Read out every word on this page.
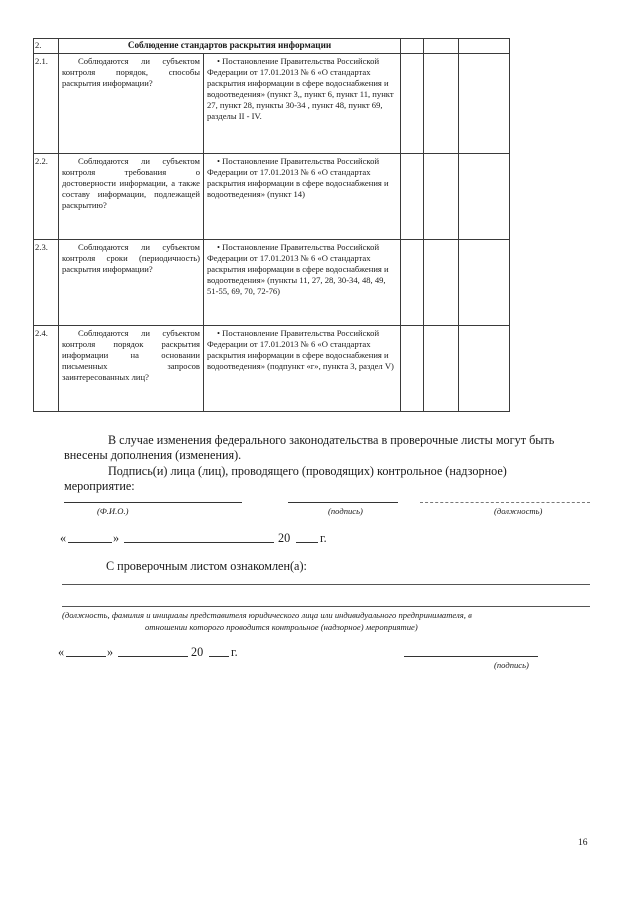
2.	Соблюдение стандартов раскрытия информации				
2.1.	Соблюдаются ли субъектом контроля порядок, способы раскрытия информации?	• Постановление Правительства Российской Федерации от 17.01.2013 № 6 «О стандартах раскрытия информации в сфере водоснабжения и водоотведения» (пункт 3,, пункт 6, пункт 11, пункт 27, пункт 28, пункты 30-34 , пункт 48, пункт 69, разделы II - IV.			
2.2.	Соблюдаются ли субъектом контроля требования о достоверности информации, а также составу информации, подлежащей раскрытию?	• Постановление Правительства Российской Федерации от 17.01.2013 № 6 «О стандартах раскрытия информации в сфере водоснабжения и водоотведения» (пункт 14)			
2.3.	Соблюдаются ли субъектом контроля сроки (периодичность) раскрытия информации?	• Постановление Правительства Российской Федерации от 17.01.2013 № 6 «О стандартах раскрытия информации в сфере водоснабжения и водоотведения» (пункты 11, 27, 28, 30-34, 48, 49, 51-55, 69, 70, 72-76)			
2.4.	Соблюдаются ли субъектом контроля порядок раскрытия информации на основании письменных запросов заинтересованных лиц?	• Постановление Правительства Российской Федерации от 17.01.2013 № 6 «О стандартах раскрытия информации в сфере водоснабжения и водоотведения» (подпункт «г», пункта 3, раздел V)			

В случае изменения федерального законодательства в проверочные листы могут быть

внесены дополнения (изменения).

Подпись(и) лица (лиц), проводящего (проводящих) контрольное (надзорное)

мероприятие:

(Ф.И.О.)	(подпись)	(должность)
«	»	20 г.

С проверочным листом ознакомлен(а):

(должность, фамилия и инициалы представителя юридического лица или индивидуального предпринимателя, в
отношении которого проводится контрольное (надзорное) мероприятие)
«	»	20 г.
(подпись)
16
